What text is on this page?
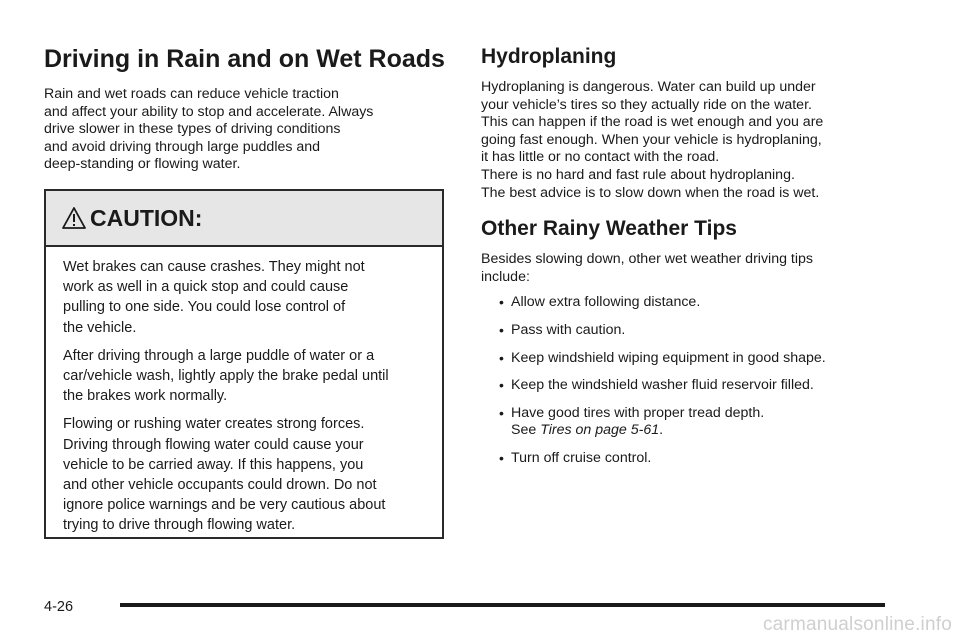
Driving in Rain and on Wet Roads

Rain and wet roads can reduce vehicle traction
and affect your ability to stop and accelerate. Always
drive slower in these types of driving conditions
and avoid driving through large puddles and
deep-standing or flowing water.

CAUTION:

Wet brakes can cause crashes. They might not
work as well in a quick stop and could cause
pulling to one side. You could lose control of
the vehicle.

After driving through a large puddle of water or a
car/vehicle wash, lightly apply the brake pedal until
the brakes work normally.

Flowing or rushing water creates strong forces.
Driving through flowing water could cause your
vehicle to be carried away. If this happens, you
and other vehicle occupants could drown. Do not
ignore police warnings and be very cautious about
trying to drive through flowing water.

Hydroplaning

Hydroplaning is dangerous. Water can build up under
your vehicle’s tires so they actually ride on the water.
This can happen if the road is wet enough and you are
going fast enough. When your vehicle is hydroplaning,
it has little or no contact with the road.

There is no hard and fast rule about hydroplaning.
The best advice is to slow down when the road is wet.

Other Rainy Weather Tips

Besides slowing down, other wet weather driving tips
include:

• Allow extra following distance.
• Pass with caution.
• Keep windshield wiping equipment in good shape.
• Keep the windshield washer fluid reservoir filled.
• Have good tires with proper tread depth.
See Tires on page 5-61.
• Turn off cruise control.
4-26
carmanualsonline.info
